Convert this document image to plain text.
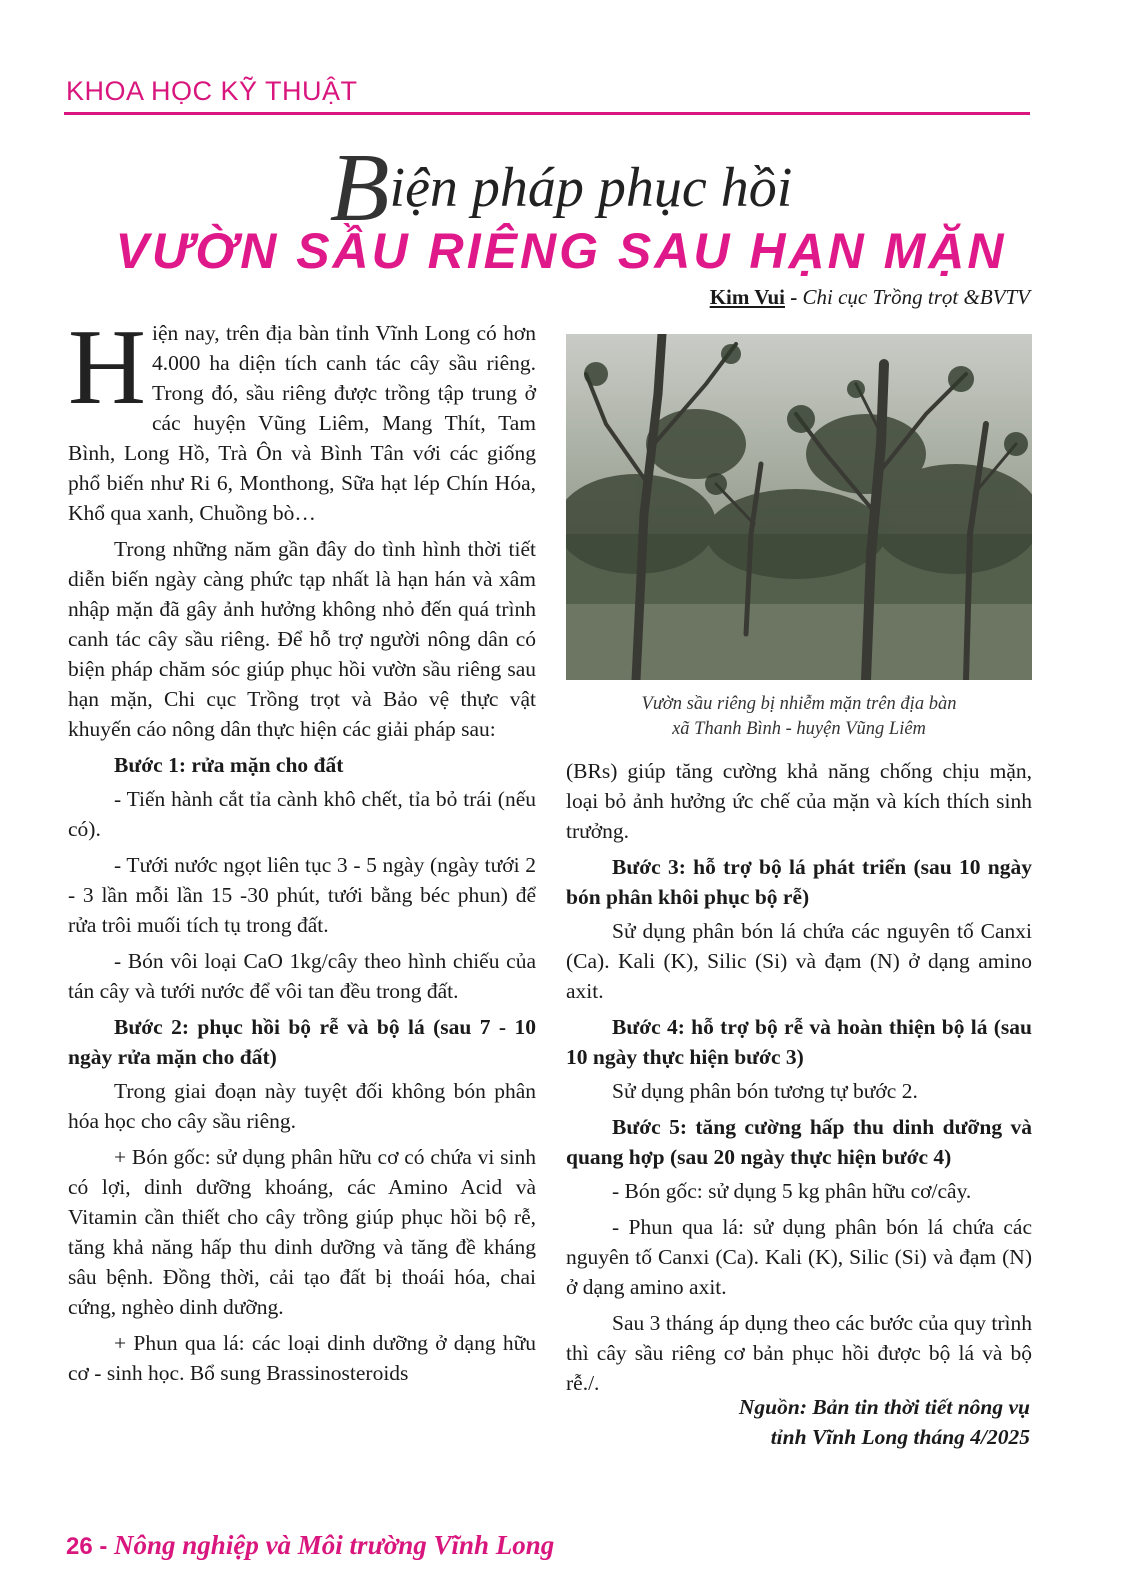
KHOA HỌC KỸ THUẬT
Biện pháp phục hồi
VƯỜN SẦU RIÊNG SAU HẠN MẶN
Kim Vui - Chi cục Trồng trọt &BVTV

Hiện nay, trên địa bàn tỉnh Vĩnh Long có hơn 4.000 ha diện tích canh tác cây sầu riêng. Trong đó, sầu riêng được trồng tập trung ở các huyện Vũng Liêm, Mang Thít, Tam Bình, Long Hồ, Trà Ôn và Bình Tân với các giống phổ biến như Ri 6, Monthong, Sữa hạt lép Chín Hóa, Khổ qua xanh, Chuồng bò…

Trong những năm gần đây do tình hình thời tiết diễn biến ngày càng phức tạp nhất là hạn hán và xâm nhập mặn đã gây ảnh hưởng không nhỏ đến quá trình canh tác cây sầu riêng. Để hỗ trợ người nông dân có biện pháp chăm sóc giúp phục hồi vườn sầu riêng sau hạn mặn, Chi cục Trồng trọt và Bảo vệ thực vật khuyến cáo nông dân thực hiện các giải pháp sau:

Bước 1: rửa mặn cho đất

- Tiến hành cắt tỉa cành khô chết, tỉa bỏ trái (nếu có).

- Tưới nước ngọt liên tục 3 - 5 ngày (ngày tưới 2 - 3 lần mỗi lần 15 -30 phút, tưới bằng béc phun) để rửa trôi muối tích tụ trong đất.

- Bón vôi loại CaO 1kg/cây theo hình chiếu của tán cây và tưới nước để vôi tan đều trong đất.

Bước 2: phục hồi bộ rễ và bộ lá (sau 7 - 10 ngày rửa mặn cho đất)

Trong giai đoạn này tuyệt đối không bón phân hóa học cho cây sầu riêng.

+ Bón gốc: sử dụng phân hữu cơ có chứa vi sinh có lợi, dinh dưỡng khoáng, các Amino Acid và Vitamin cần thiết cho cây trồng giúp phục hồi bộ rễ, tăng khả năng hấp thu dinh dưỡng và tăng đề kháng sâu bệnh. Đồng thời, cải tạo đất bị thoái hóa, chai cứng, nghèo dinh dưỡng.

+ Phun qua lá: các loại dinh dưỡng ở dạng hữu cơ - sinh học. Bổ sung Brassinosteroids

Vườn sầu riêng bị nhiễm mặn trên địa bàn
xã Thanh Bình - huyện Vũng Liêm

(BRs) giúp tăng cường khả năng chống chịu mặn, loại bỏ ảnh hưởng ức chế của mặn và kích thích sinh trưởng.

Bước 3: hỗ trợ bộ lá phát triển (sau 10 ngày bón phân khôi phục bộ rễ)

Sử dụng phân bón lá chứa các nguyên tố Canxi (Ca). Kali (K), Silic (Si) và đạm (N) ở dạng amino axit.

Bước 4: hỗ trợ bộ rễ và hoàn thiện bộ lá (sau 10 ngày thực hiện bước 3)

Sử dụng phân bón tương tự bước 2.

Bước 5: tăng cường hấp thu dinh dưỡng và quang hợp (sau 20 ngày thực hiện bước 4)

- Bón gốc: sử dụng 5 kg phân hữu cơ/cây.

- Phun qua lá: sử dụng phân bón lá chứa các nguyên tố Canxi (Ca). Kali (K), Silic (Si) và đạm (N) ở dạng amino axit.

Sau 3 tháng áp dụng theo các bước của quy trình thì cây sầu riêng cơ bản phục hồi được bộ lá và bộ rễ./.

Nguồn: Bản tin thời tiết nông vụ
tỉnh Vĩnh Long tháng 4/2025
26 - Nông nghiệp và Môi trường Vĩnh Long
